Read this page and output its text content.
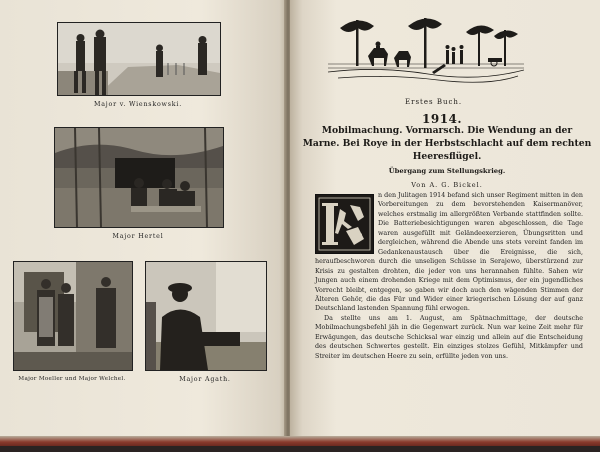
Major v. Wienskowski.
Major Hertel
Major Moeller und Major Welchel.	Major Agath.
Erstes Buch.
1914.
Mobilmachung. Vormarsch. Die Wendung an der Marne. Bei Roye in der Herbstschlacht auf dem rechten Heeresflügel.
Übergang zum Stellungskrieg.
Von A. G. Bickel.

n den Julitagen 1914 befand sich unser Regiment mitten in den Vorbereitungen zu dem bevorstehenden Kaisermanöver, welches erstmalig im allergrößten Verbande stattfinden sollte. Die Batteriebesichtigungen waren abgeschlossen, die Tage waren ausgefüllt mit Geländeexerzieren, Übungsritten und dergleichen, während die Abende uns stets vereint fanden im Gedankenaustausch über die Ereignisse, die sich, heraufbeschworen durch die unseligen Schüsse in Serajewo, überstürzend zur Krisis zu gestalten drohten, die jeder von uns herannahen fühlte. Sahen wir Jungen auch einem drohenden Kriege mit dem Optimismus, der ein jugendliches Vorrecht bleibt, entgegen, so gaben wir doch auch den wägenden Stimmen der Älteren Gehör, die das Für und Wider einer kriegerischen Lösung der auf ganz Deutschland lastenden Spannung fühl erwogen.

Da stellte uns am 1. August, am Spätnachmittage, der deutsche Mobilmachungsbefehl jäh in die Gegenwart zurück. Nun war keine Zeit mehr für Erwägungen, das deutsche Schicksal war einzig und allein auf die Entscheidung des deutschen Schwertes gestellt. Ein einziges stolzes Gefühl, Mitkämpfer und Streiter im deutschen Heere zu sein, erfüllte jeden von uns.
